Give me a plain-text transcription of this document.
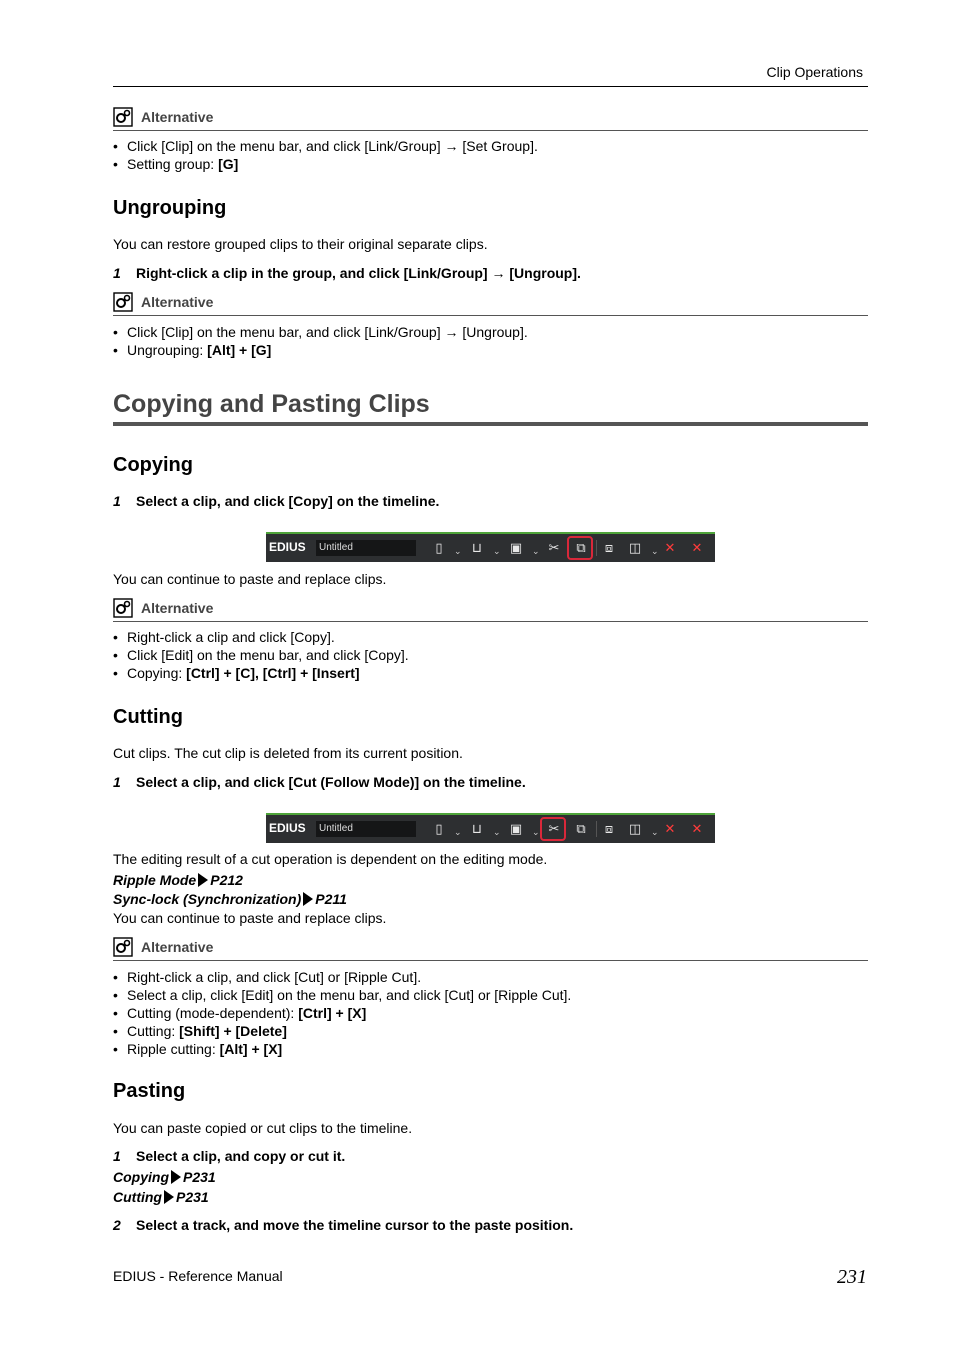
Clip Operations
Alternative
• Click [Clip] on the menu bar, and click [Link/Group] → [Set Group].
• Setting group: [G]
Ungrouping

You can restore grouped clips to their original separate clips.

1 Right-click a clip in the group, and click [Link/Group] → [Ungroup].
Alternative
• Click [Clip] on the menu bar, and click [Link/Group] → [Ungroup].
• Ungrouping: [Alt] + [G]
Copying and Pasting Clips
Copying
1 Select a clip, and click [Copy] on the timeline.
EDIUS	Untitled	▯	⌄ ⊔	⌄ ▣ ⌄ ✂ ⧉ ⧈ ◫ ⌄ ✕ ✕

You can continue to paste and replace clips.

Alternative
• Right-click a clip and click [Copy].
• Click [Edit] on the menu bar, and click [Copy].
• Copying: [Ctrl] + [C], [Ctrl] + [Insert]
Cutting

Cut clips. The cut clip is deleted from its current position.

1 Select a clip, and click [Cut (Follow Mode)] on the timeline.
EDIUS	Untitled	▯	⌄ ⊔	⌄ ▣ ⌄ ✂ ⧉ ⧈ ◫ ⌄ ✕ ✕

The editing result of a cut operation is dependent on the editing mode.

Ripple Mode P212
Sync-lock (Synchronization) P211

You can continue to paste and replace clips.

Alternative
• Right-click a clip, and click [Cut] or [Ripple Cut].
• Select a clip, click [Edit] on the menu bar, and click [Cut] or [Ripple Cut].
• Cutting (mode-dependent): [Ctrl] + [X]
• Cutting: [Shift] + [Delete]
• Ripple cutting: [Alt] + [X]
Pasting

You can paste copied or cut clips to the timeline.

1 Select a clip, and copy or cut it.
Copying P231
Cutting P231
2 Select a track, and move the timeline cursor to the paste position.
EDIUS - Reference Manual	231
